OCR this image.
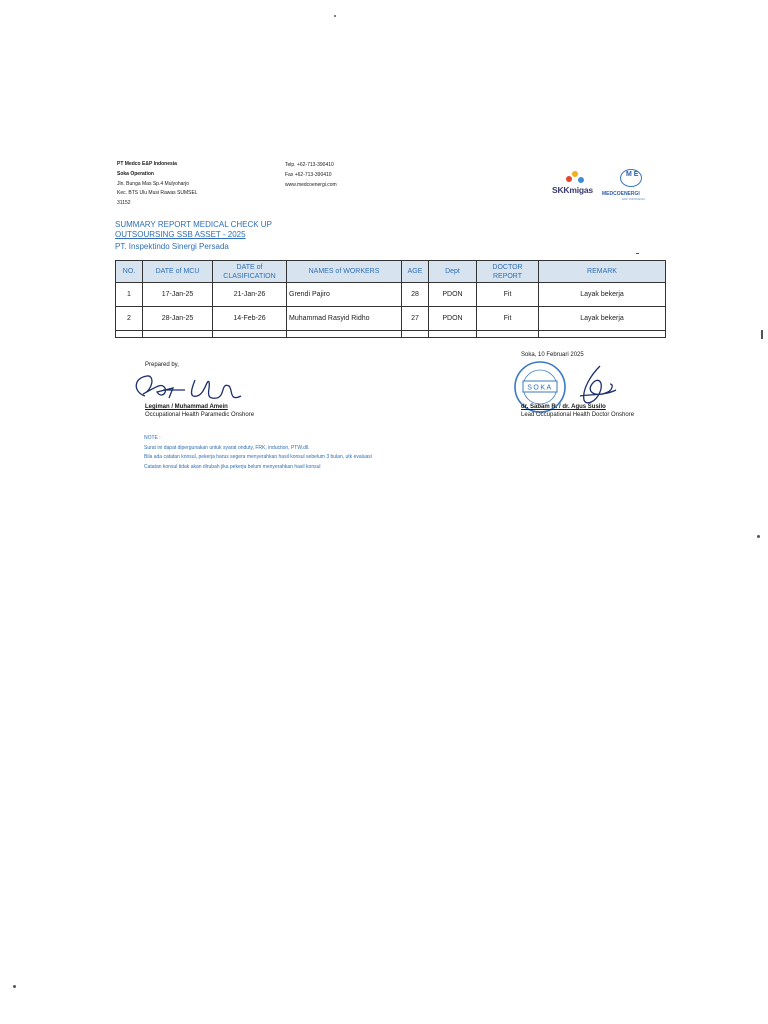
PT Medco E&P Indonesia
Soka Operation
Jln. Bunga Mas Sp.4 Mulyoharjo
Kec. BTS Ulu Musi Rawas SUMSEL
31152
Telp. +62-713-390410
Fax +62-713-390410
www.medcoenergi.com	SKKmigas
M E
MEDCOENERGI
E&P INDONESIA
SUMMARY REPORT MEDICAL CHECK UP
OUTSOURSING SSB ASSET - 2025
PT. Inspektindo Sinergi Persada
NO.	DATE of MCU	DATE of CLASIFICATION	NAMES of WORKERS	AGE	Dept	DOCTOR REPORT	REMARK
1	17-Jan-25	21-Jan-26	Grendi Pajiro	28	PDON	Fit	Layak bekerja
2	28-Jan-25	14-Feb-26	Muhammad Rasyid Ridho	27	PDON	Fit	Layak bekerja

Prepared by,
Legiman / Muhammad Amein
Occupational Health Paramedic Onshore
Soka, 10 Februari 2025
SOKA
dr. Sabam R. / dr. Agus Susilo
Lead Occupational Health Doctor Onshore
NOTE :
Surat ini dapat dipergunakan untuk syarat onduty, FRK, induction, PTW.dll.
Bila ada catatan konsul, pekerja harus segera menyerahkan hasil konsul sebelum 3 bulan, utk evaluasi
Catatan konsul tidak akan dirubah jika pekerja belum menyerahkan hasil konsul
